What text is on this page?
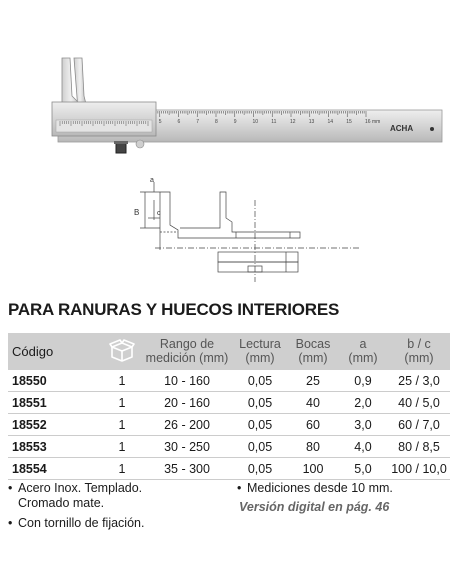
5	6	7	8	9	10	11	12	13	14	15	16 mm
ACHA
a
B	c
PARA RANURAS Y HUECOS INTERIORES
Código	Rango de
medición (mm)
Lectura
(mm)
Bocas
(mm)
a
(mm)
b / c
(mm)
18550	1	10 - 160	0,05	25	0,9	25 / 3,0
18551	1	20 - 160	0,05	40	2,0	40 / 5,0
18552	1	26 - 200	0,05	60	3,0	60 / 7,0
18553	1	30 - 250	0,05	80	4,0	80 / 8,5
18554	1	35 - 300	0,05	100	5,0	100 / 10,0
• Acero Inox. Templado.
Cromado mate.
• Con tornillo de fijación.
• Mediciones desde 10 mm.
Versión digital en pág. 46
